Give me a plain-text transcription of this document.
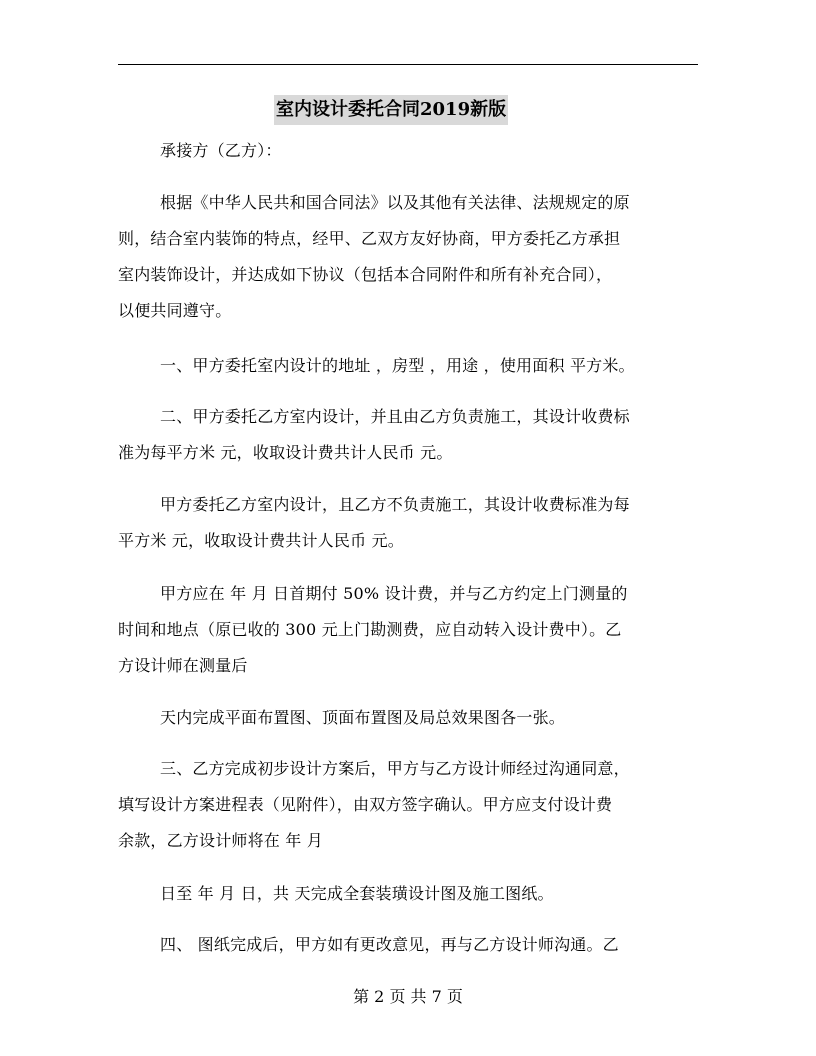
室内设计委托合同2019新版
承接方（乙方）：
根据《中华人民共和国合同法》以及其他有关法律、法规规定的原
则，结合室内装饰的特点，经甲、乙双方友好协商，甲方委托乙方承担
室内装饰设计，并达成如下协议（包括本合同附件和所有补充合同），
以便共同遵守。
一、甲方委托室内设计的地址 ，房型 ，用途 ，使用面积 平方米。
二、甲方委托乙方室内设计，并且由乙方负责施工，其设计收费标
准为每平方米 元，收取设计费共计人民币 元。
甲方委托乙方室内设计，且乙方不负责施工，其设计收费标准为每
平方米 元，收取设计费共计人民币 元。
甲方应在 年 月 日首期付 50% 设计费，并与乙方约定上门测量的
时间和地点（原已收的 300 元上门勘测费，应自动转入设计费中）。乙
方设计师在测量后
天内完成平面布置图、顶面布置图及局总效果图各一张。
三、乙方完成初步设计方案后，甲方与乙方设计师经过沟通同意，
填写设计方案进程表（见附件），由双方签字确认。甲方应支付设计费
余款，乙方设计师将在 年 月
日至 年 月 日，共 天完成全套装璜设计图及施工图纸。
四、 图纸完成后，甲方如有更改意见，再与乙方设计师沟通。乙
第 2 页 共 7 页
